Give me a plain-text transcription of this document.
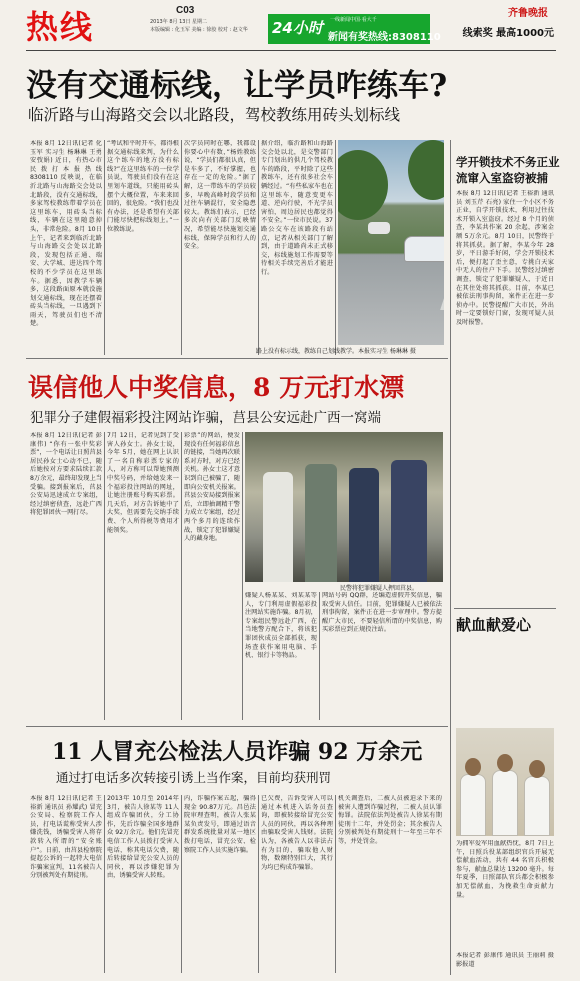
热线	C03
2013年 8月 13日 星期二
本版编辑 : 化玉军 美编 : 徐胶 校对 : 赵文华	24小时 一线新闻中国·看大千
新闻有奖热线:8308110
齐鲁晚报
线索奖 最高1000元
没有交通标线，让学员咋练车?
临沂路与山海路交会以北路段，驾校教练用砖头划标线
本报 8月 12日讯(记者 化玉军 实习生 杨琳琳 王勇 安弢娟) 近日，有热心市民拨打本报热线 8308110 反映说，在临沂北路与山海路交会处以北路段，没有交通标线，多家驾校教练带着学员在这里练车，用砖头当标线，车辆在这里随意掉头，非常危险。8月 10日上午，记者来到临沂北路与山海路交会处以北路段，发现包括正通、瑞安、大学城、进达四个驾校的不少学员在这里练车。据悉，因教学车辆多，这段路面原本就没施划交通标线，现在还摆着砖头当标线，一旦遇到下雨天，驾驶员们也不清楚。
“考试和平时开车，都得根据交通标线来判，为什么这个练车的地方没有标线?”在这里练车的一位学员说，驾驶员们没有在这里划车道线，只能用砖头摆个大概位置，车来来回回的，很危险。“我们也没有办法，还是希望有关部门能尽快把标线划上。”一位教练说。
次学员同时在哪，我都设你要心中有数，”杨姓教练说，“学员们都很认真，但是车多了，不好掌握，也存在一定的危险。”据了解，这一带练车的学员较多，早晚高峰时段学员和过往车辆混行，安全隐患较大。教练们表示，已经多次向有关部门反映情况，希望能尽快施划交通标线，保障学员和行人的安全。
据介绍，临沂路和山海路交会处以北，是交警部门专门划出的供几个驾校教车的路段，平时除了这些教练车，还有很多社会车辆经过。“有些私家车也在这里练车，随意变更车道、逆向行驶，不光学员害怕，周边居民也都觉得不安全。”一位市民说。37路公交车在该路段有站点，记者从相关部门了解到，由于道路尚未正式移交，标线施划工作需要等待相关手续完善后才能进行。
路上没有标示线，教练自己划线教学。本报实习生 杨琳琳 摄
误信他人中奖信息，8 万元打水漂
犯罪分子建假福彩投注网站诈骗，莒县公安远赴广西一窝端
本报 8月 12日讯(记者 彭康伟) “你有一张中奖彩票”，一个电话让日照莒县居民孙女士心动不已，随后她按对方要求陆续汇款 8万余元，最终却发现上当受骗。接到报案后，莒县公安局迅速成立专案组，经过缜密侦查，远赴广西将犯罪团伙一网打尽。
7月 12日，记者见到了受害人孙女士。孙女士说，今年 5月，她在网上认识了一名自称彩票专家的人，对方称可以帮她预测中奖号码，并给她发来一个福彩投注网站的网址，让她注册账号购买彩票。几天后，对方告诉她中了大奖，但需要先交纳手续费、个人所得税等费用才能领奖。
彩票”的网站，便发现没有任何福彩信息的链接，当她再次联系对方时，对方已经关机。孙女士这才意识到自己被骗了，随即向公安机关报案。莒县公安局接到报案后，立即抽调精干警力成立专案组，经过两个多月的连续作战，锁定了犯罪嫌疑人的藏身地。
民警将犯罪嫌疑人押回莒县。
嫌疑人杨某某、刘某某等人，专门利用虚假福彩投注网站实施诈骗。8月初，专案组民警远赴广西，在当地警方配合下，将该犯罪团伙成员全部抓获，现场查获作案用电脑、手机、银行卡等物品。
网站号码 QQ群，还编造虚假开奖信息，骗取受害人信任。目前，犯罪嫌疑人已被依法刑事拘留，案件正在进一步审理中。警方提醒广大市民，不要轻信所谓的中奖信息，购买彩票应到正规投注站。
11 人冒充公检法人员诈骗 92 万余元
通过打电话多次转接引诱上当作案，目前均获刑罚
本报 8月 12日讯(记者 王裕新 通讯员 孙耀武) 冒充公安局、检察院工作人员，打电话谎称受害人涉嫌洗钱，诱骗受害人将存款转入所谓的“安全账户”。日前，由莒县检察院提起公诉的一起特大电信诈骗案宣判，11名被告人分别被判处有期徒刑。
2013年 10月至 2014年 3月，被告人徐某等 11人组成诈骗团伙，分工协作，先后诈骗全国多地群众 92万余元。他们先冒充电信工作人员拨打受害人电话，称其电话欠费，随后转接给冒充公安人员的同伙，再以涉嫌犯罪为由，诱骗受害人转账。
内，诈骗作案五起，骗得现金 90.87万元。昌邑法院审理查明，被告人张某某负责发号，即通过语音群发系统批量对某一地区拨打电话，冒充公安、检察院工作人员实施诈骗。
已欠费，告诉受害人可以通过本机进入话务员查询，即被转接给冒充公安人员的同伙，再以各种理由骗取受害人钱财。法院认为，各被告人以非法占有为目的，骗取他人财物，数额特别巨大，其行为均已构成诈骗罪。
机关调查后，二被人员被迫录下来的被害人遭到诈骗过程，二被人员认罪悔罪。法院依法判处被告人徐某有期徒刑十二年，并处罚金；其余被告人分别被判处有期徒刑十一年至三年不等，并处罚金。
学开锁技术不务正业
流窜入室盗窃被捕
本报 8月 12日讯(记者 王裕新 通讯员 刘玉芹 石亮) 家住一个小区不务正业，自学开锁技术，利用过往技术开锁入室盗窃。经过 8 个月的侦查，李某共作案 20 余起，涉案金额 5万余元。8月 10日，民警终于将其抓获。据了解，李某今年 28岁，平日游手好闲，学会开锁技术后，便打起了歪主意，专挑白天家中无人的住户下手。民警经过缜密调查，锁定了犯罪嫌疑人，于近日在其住处将其抓获。目前，李某已被依法刑事拘留，案件正在进一步侦办中。民警提醒广大市民，外出时一定要锁好门窗，发现可疑人员及时报警。
献血献爱心
为拥军爱军用血献热忱，8月 7日上午，日照兵役某部组织官兵开展无偿献血活动，共有 44 名官兵积极参与，献血总量达 13200 毫升。每年夏季，日照部队官兵都会积极参加无偿献血，为挽救生命贡献力量。
本报记者 彭康伟 通讯员 王丽莉 摄影报道
